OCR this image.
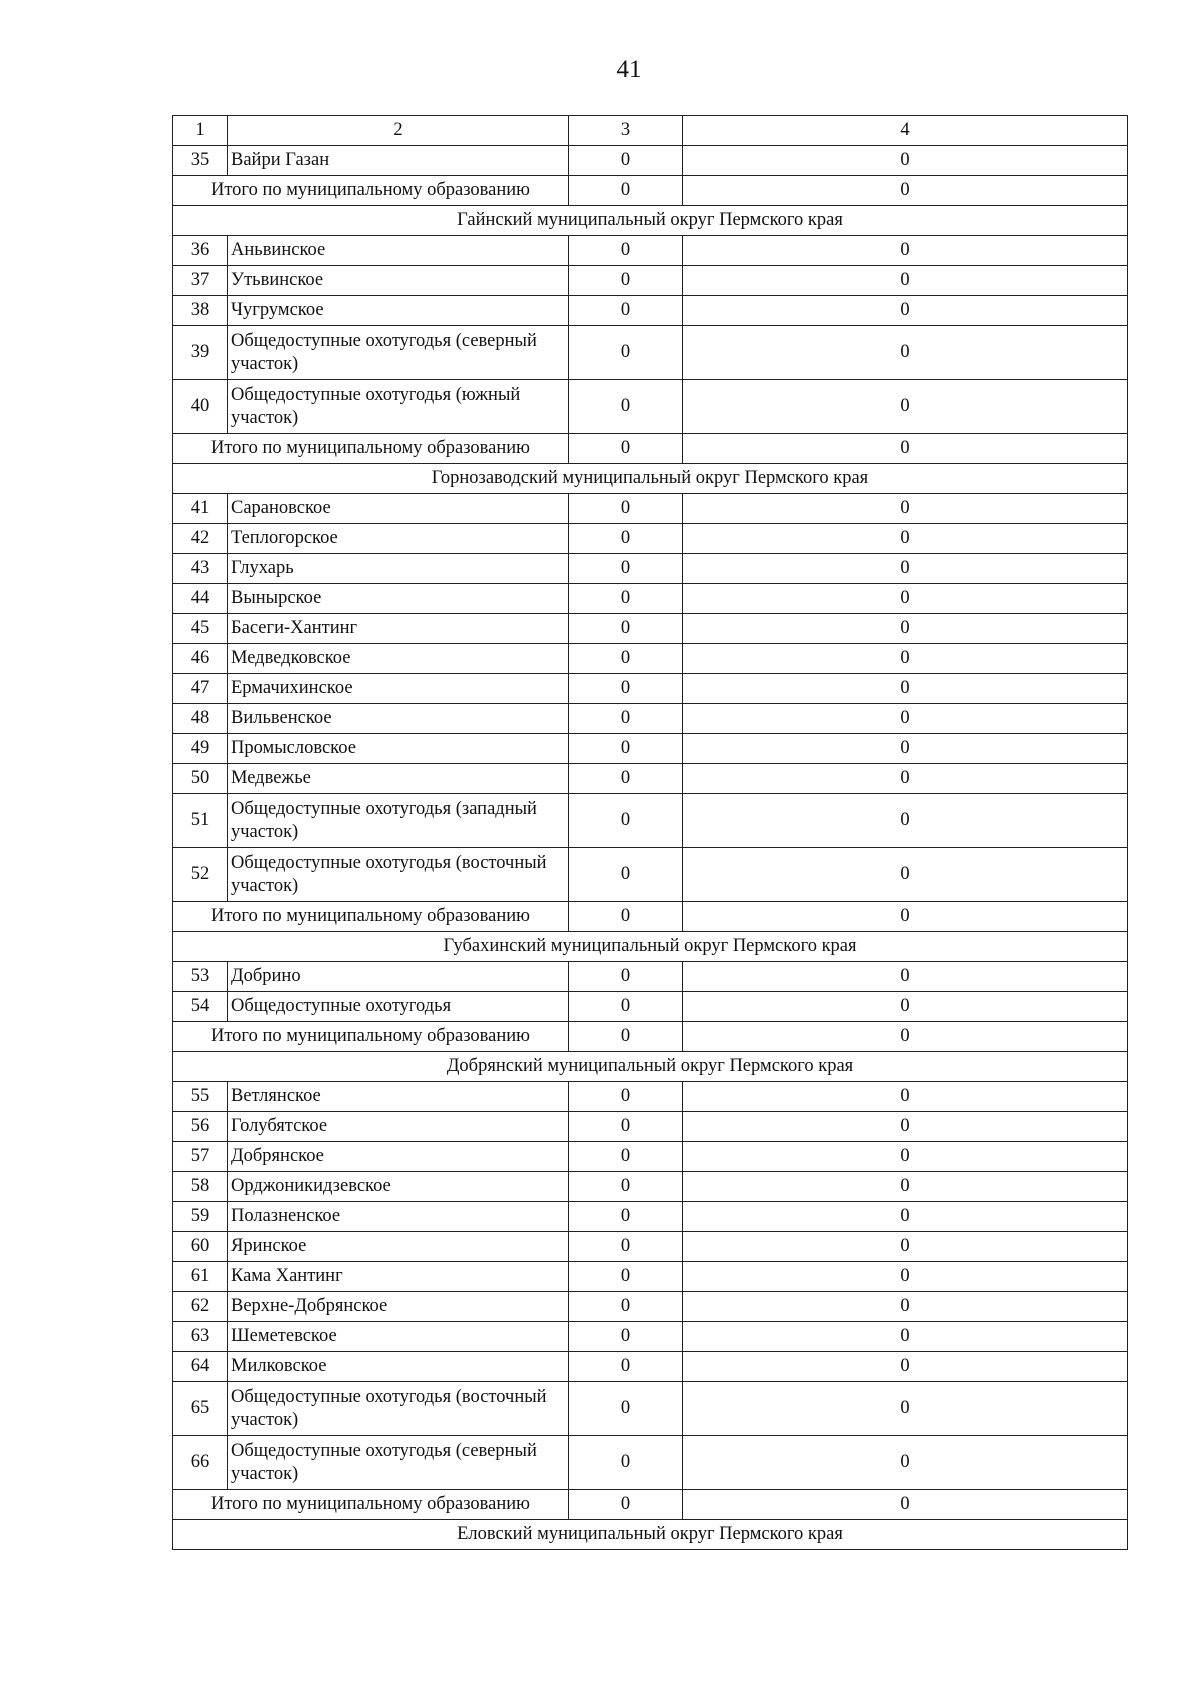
41
1	2	3	4
35	Вайри Газан	0	0
Итого по муниципальному образованию		0	0
Гайнский муниципальный округ Пермского края			
36	Аньвинское	0	0
37	Утьвинское	0	0
38	Чугрумское	0	0
39	Общедоступные охотугодья (северный участок)	0	0
40	Общедоступные охотугодья (южный участок)	0	0
Итого по муниципальному образованию		0	0
Горнозаводский муниципальный округ Пермского края			
41	Сарановское	0	0
42	Теплогорское	0	0
43	Глухарь	0	0
44	Вынырское	0	0
45	Басеги-Хантинг	0	0
46	Медведковское	0	0
47	Ермачихинское	0	0
48	Вильвенское	0	0
49	Промысловское	0	0
50	Медвежье	0	0
51	Общедоступные охотугодья (западный участок)	0	0
52	Общедоступные охотугодья (восточный участок)	0	0
Итого по муниципальному образованию		0	0
Губахинский муниципальный округ Пермского края			
53	Добрино	0	0
54	Общедоступные охотугодья	0	0
Итого по муниципальному образованию		0	0
Добрянский муниципальный округ Пермского края			
55	Ветлянское	0	0
56	Голубятское	0	0
57	Добрянское	0	0
58	Орджоникидзевское	0	0
59	Полазненское	0	0
60	Яринское	0	0
61	Кама Хантинг	0	0
62	Верхне-Добрянское	0	0
63	Шеметевское	0	0
64	Милковское	0	0
65	Общедоступные охотугодья (восточный участок)	0	0
66	Общедоступные охотугодья (северный участок)	0	0
Итого по муниципальному образованию		0	0
Еловский муниципальный округ Пермского края			
